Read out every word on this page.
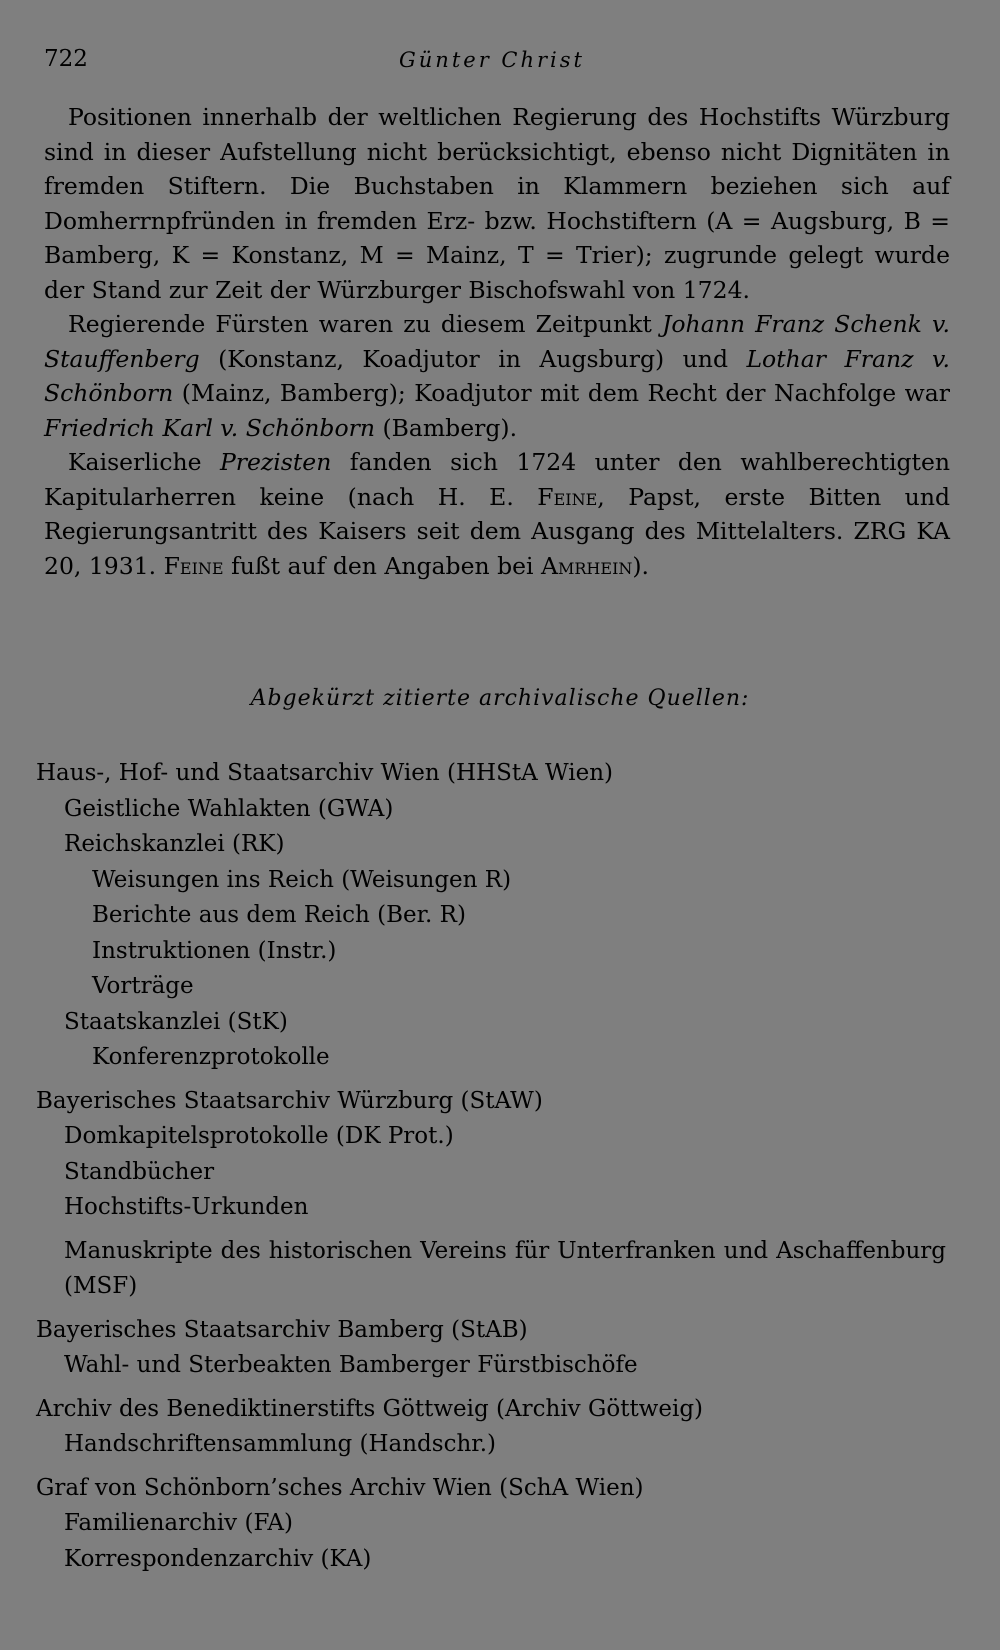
722	Günter Christ

Positionen innerhalb der weltlichen Regierung des Hochstifts Würzburg sind in dieser Aufstellung nicht berücksichtigt, ebenso nicht Dignitäten in fremden Stiftern. Die Buchstaben in Klammern beziehen sich auf Domherrnpfründen in fremden Erz- bzw. Hochstiftern (A = Augsburg, B = Bamberg, K = Konstanz, M = Mainz, T = Trier); zugrunde gelegt wurde der Stand zur Zeit der Würzburger Bischofswahl von 1724.

Regierende Fürsten waren zu diesem Zeitpunkt Johann Franz Schenk v. Stauffenberg (Konstanz, Koadjutor in Augsburg) und Lothar Franz v. Schönborn (Mainz, Bamberg); Koadjutor mit dem Recht der Nachfolge war Friedrich Karl v. Schönborn (Bamberg).

Kaiserliche Prezisten fanden sich 1724 unter den wahlberechtigten Kapitularherren keine (nach H. E. Feine, Papst, erste Bitten und Regierungsantritt des Kaisers seit dem Ausgang des Mittelalters. ZRG KA 20, 1931. Feine fußt auf den Angaben bei Amrhein).

Abgekürzt zitierte archivalische Quellen:
Haus-, Hof- und Staatsarchiv Wien (HHStA Wien)
Geistliche Wahlakten (GWA)
Reichskanzlei (RK)
Weisungen ins Reich (Weisungen R)
Berichte aus dem Reich (Ber. R)
Instruktionen (Instr.)
Vorträge
Staatskanzlei (StK)
Konferenzprotokolle
Bayerisches Staatsarchiv Würzburg (StAW)
Domkapitelsprotokolle (DK Prot.)
Standbücher
Hochstifts-Urkunden
Manuskripte des historischen Vereins für Unterfranken und Aschaffenburg (MSF)
Bayerisches Staatsarchiv Bamberg (StAB)
Wahl- und Sterbeakten Bamberger Fürstbischöfe
Archiv des Benediktinerstifts Göttweig (Archiv Göttweig)
Handschriftensammlung (Handschr.)
Graf von Schönborn’sches Archiv Wien (SchA Wien)
Familienarchiv (FA)
Korrespondenzarchiv (KA)
